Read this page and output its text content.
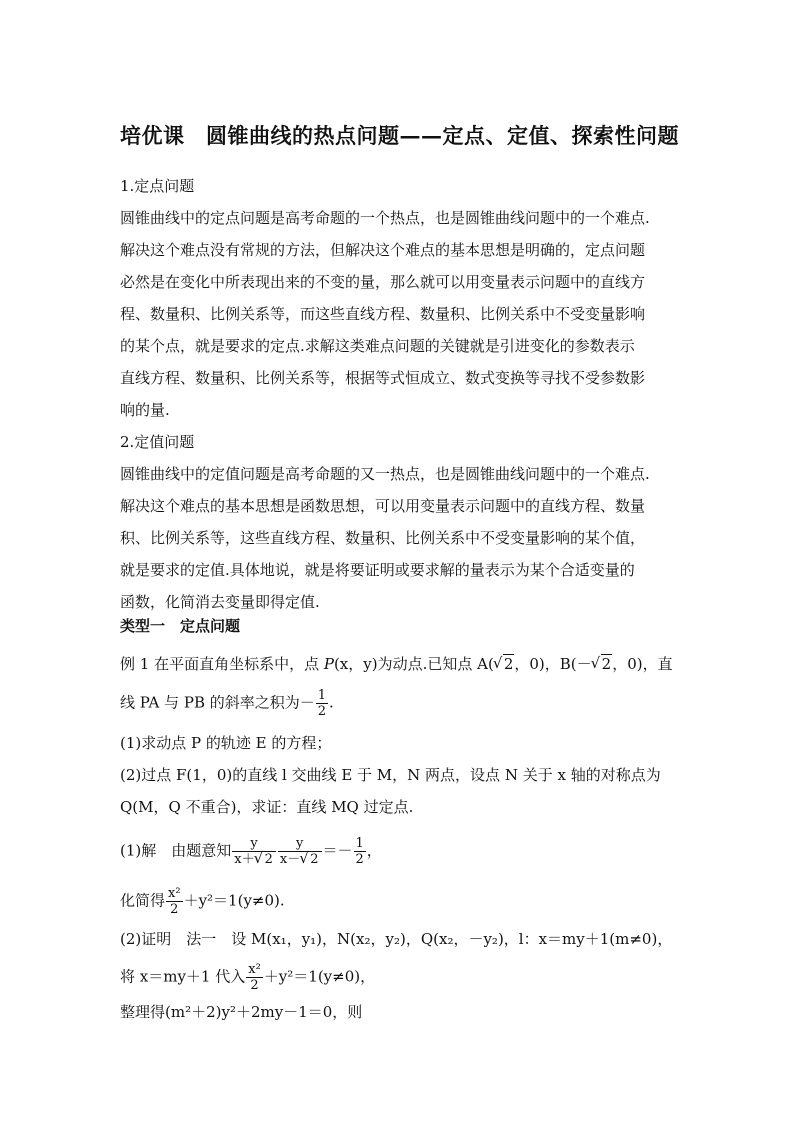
培优课　圆锥曲线的热点问题——定点、定值、探索性问题
1.定点问题
圆锥曲线中的定点问题是高考命题的一个热点，也是圆锥曲线问题中的一个难点.
解决这个难点没有常规的方法，但解决这个难点的基本思想是明确的，定点问题
必然是在变化中所表现出来的不变的量，那么就可以用变量表示问题中的直线方
程、数量积、比例关系等，而这些直线方程、数量积、比例关系中不受变量影响
的某个点，就是要求的定点.求解这类难点问题的关键就是引进变化的参数表示
直线方程、数量积、比例关系等，根据等式恒成立、数式变换等寻找不受参数影
响的量.
2.定值问题
圆锥曲线中的定值问题是高考命题的又一热点，也是圆锥曲线问题中的一个难点.
解决这个难点的基本思想是函数思想，可以用变量表示问题中的直线方程、数量
积、比例关系等，这些直线方程、数量积、比例关系中不受变量影响的某个值，
就是要求的定值.具体地说，就是将要证明或要求解的量表示为某个合适变量的
函数，化简消去变量即得定值.
类型一　定点问题
例 1 在平面直角坐标系中，点 P(x，y)为动点.已知点 A( √ 2，0)，B(－ √ 2，0)，直
线 PA 与 PB 的斜率之积为－ $\frac{1}{2}$ .
(1)求动点 P 的轨迹 E 的方程；
(2)过点 F(1，0)的直线 l 交曲线 E 于 M，N 两点，设点 N 关于 x 轴的对称点为
Q(M，Q 不重合)，求证：直线 MQ 过定点.
(1)解　由题意知 $\frac{y}{x+ √ 2} \frac{y}{x- √ 2} =- \frac{1}{2}$ ，
化简得 $\frac{\text{x²}}{2} +y^2=1(y\ne 0)$.
(2)证明　法一　设 M(x₁，y₁)，N(x₂，y₂)，Q(x₂，－y₂)，l：x＝my＋1(m≠0)，
将 x＝my＋1 代入 $\frac{\text{x²}}{2} +y^2=1(y\ne 0)$，
整理得(m²＋2)y²＋2my－1＝0，则
